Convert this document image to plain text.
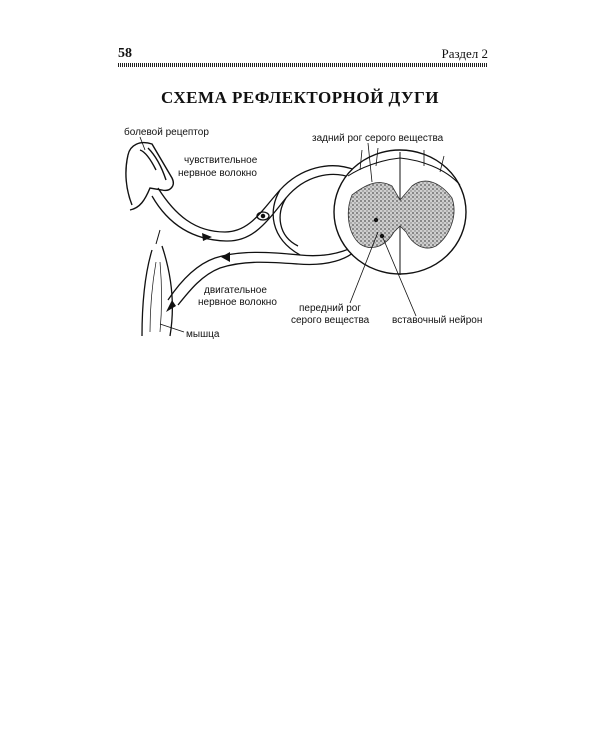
58	Раздел 2
СХЕМА РЕФЛЕКТОРНОЙ ДУГИ
болевой рецептор
чувствительное
нервное волокно
задний рог серого вещества
двигательное
нервное волокно
передний рог
серого вещества вставочный нейрон
мышца
